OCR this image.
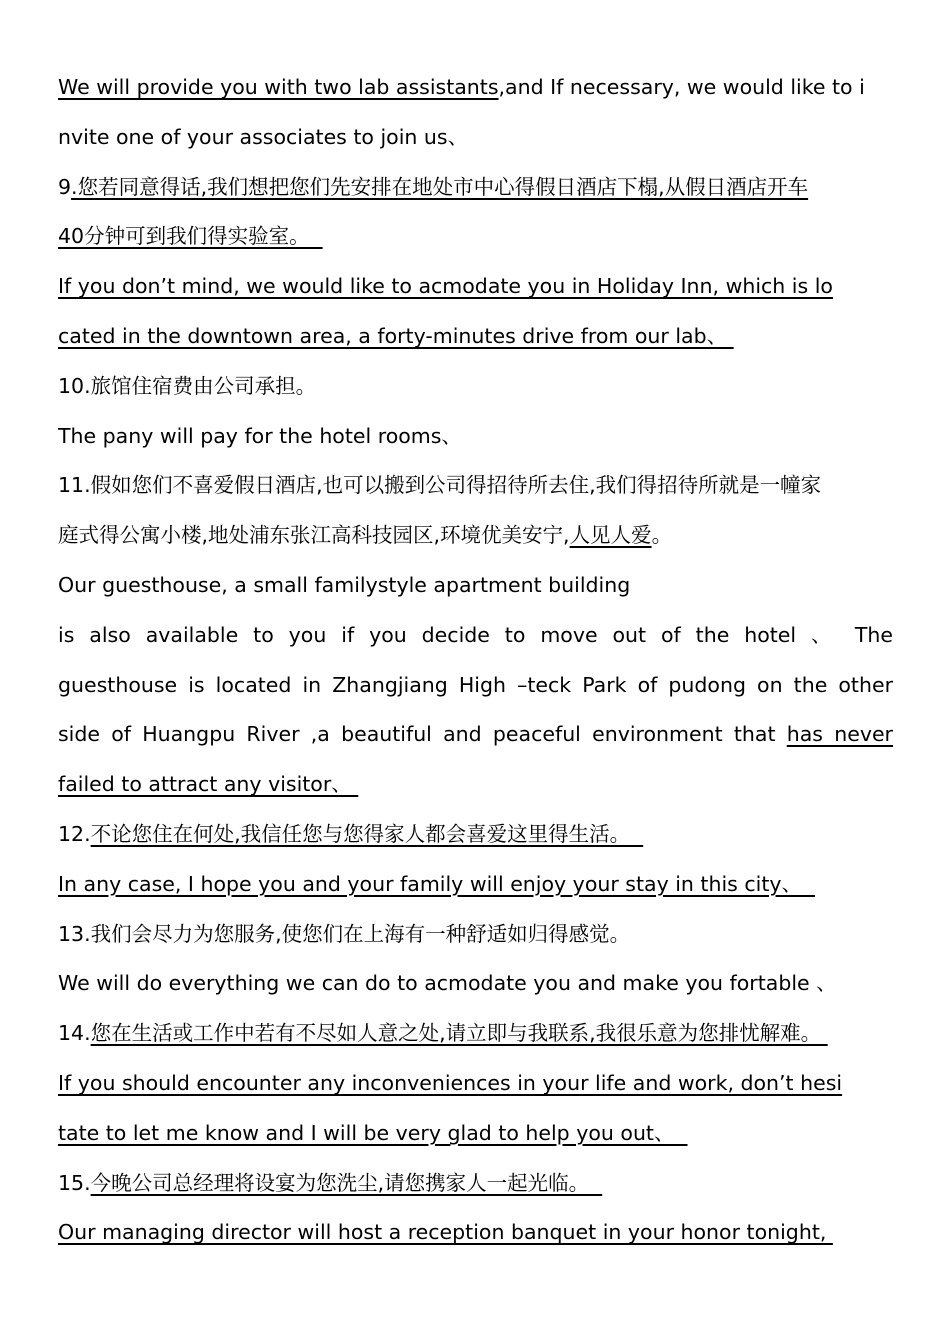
We will provide you with two lab assistants,and If necessary, we would like to i
nvite one of your associates to join us、
9.您若同意得话,我们想把您们先安排在地处市中心得假日酒店下榻,从假日酒店开车
40分钟可到我们得实验室。
If you don’t mind, we would like to acmodate you in Holiday Inn, which is lo
cated in the downtown area, a forty-minutes drive from our lab、
10.旅馆住宿费由公司承担。
The pany will pay for the hotel rooms、
11.假如您们不喜爱假日酒店,也可以搬到公司得招待所去住,我们得招待所就是一幢家
庭式得公寓小楼,地处浦东张江高科技园区,环境优美安宁,人见人爱。
Our guesthouse, a small familystyle apartment building
is also available to you if you decide to move out of the hotel 、 The
guesthouse is located in Zhangjiang High –teck Park of pudong on the other
side of Huangpu River ,a beautiful and peaceful environment that has never
failed to attract any visitor、
12.不论您住在何处,我信任您与您得家人都会喜爱这里得生活。
In any case, I hope you and your family will enjoy your stay in this city、
13.我们会尽力为您服务,使您们在上海有一种舒适如归得感觉。
We will do everything we can do to acmodate you and make you fortable 、
14.您在生活或工作中若有不尽如人意之处,请立即与我联系,我很乐意为您排忧解难。
If you should encounter any inconveniences in your life and work, don’t hesi
tate to let me know and I will be very glad to help you out、
15.今晚公司总经理将设宴为您洗尘,请您携家人一起光临。
Our managing director will host a reception banquet in your honor tonight,
